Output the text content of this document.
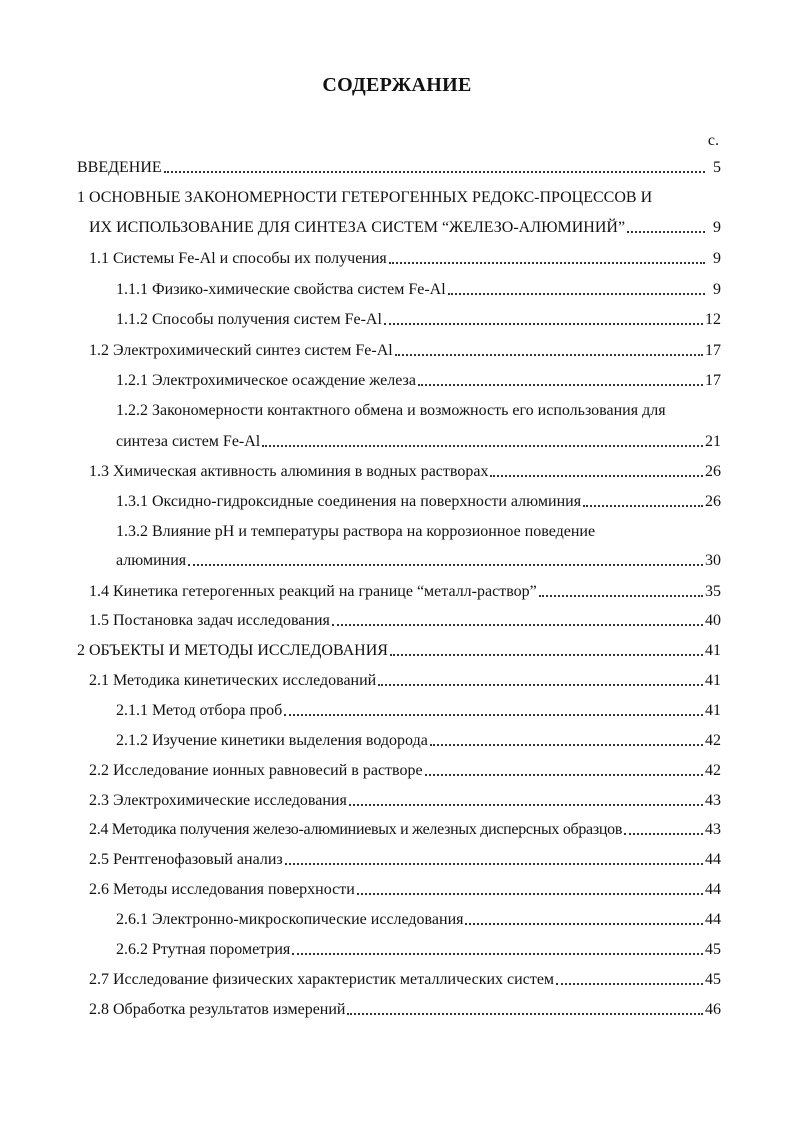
СОДЕРЖАНИЕ
с.
ВВЕДЕНИЕ	5
1 ОСНОВНЫЕ ЗАКОНОМЕРНОСТИ ГЕТЕРОГЕННЫХ РЕДОКС-ПРОЦЕССОВ И
ИХ ИСПОЛЬЗОВАНИЕ ДЛЯ СИНТЕЗА СИСТЕМ “ЖЕЛЕЗО-АЛЮМИНИЙ”	9
1.1 Системы Fe-Al и способы их получения	9
1.1.1 Физико-химические свойства систем Fe-Al	9
1.1.2 Способы получения систем Fe-Al	12
1.2 Электрохимический синтез систем Fe-Al	17
1.2.1 Электрохимическое осаждение железа	17
1.2.2 Закономерности контактного обмена и возможность его использования для
синтеза систем Fe-Al	21
1.3 Химическая активность алюминия в водных растворах	26
1.3.1 Оксидно-гидроксидные соединения на поверхности алюминия	26
1.3.2 Влияние pH и температуры раствора на коррозионное поведение
алюминия	30
1.4 Кинетика гетерогенных реакций на границе “металл-раствор”	35
1.5 Постановка задач исследования	40
2 ОБЪЕКТЫ И МЕТОДЫ ИССЛЕДОВАНИЯ	41
2.1 Методика кинетических исследований	41
2.1.1 Метод отбора проб	41
2.1.2 Изучение кинетики выделения водорода	42
2.2 Исследование ионных равновесий в растворе	42
2.3 Электрохимические исследования	43
2.4 Методика получения железо-алюминиевых и железных дисперсных образцов	43
2.5 Рентгенофазовый анализ	44
2.6 Методы исследования поверхности	44
2.6.1 Электронно-микроскопические исследования	44
2.6.2 Ртутная порометрия	45
2.7 Исследование физических характеристик металлических систем	45
2.8 Обработка результатов измерений	46
